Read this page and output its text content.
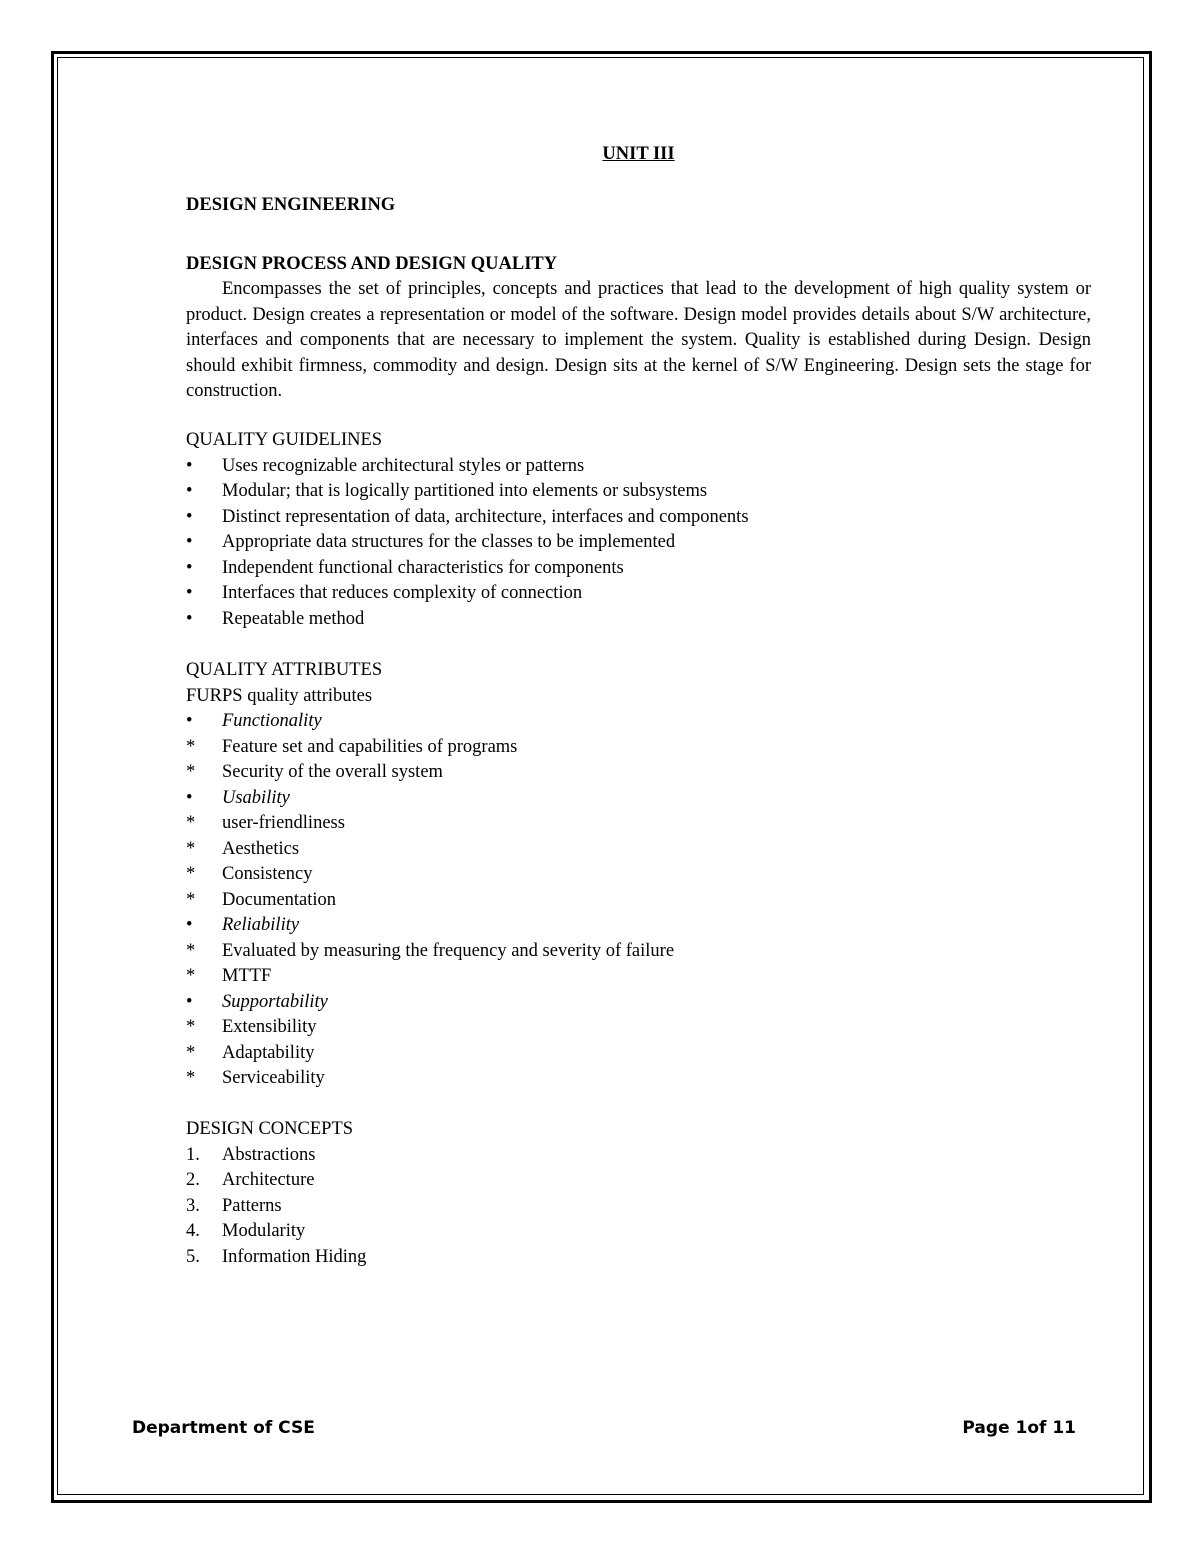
UNIT III
DESIGN ENGINEERING
DESIGN PROCESS AND DESIGN QUALITY

Encompasses the set of principles, concepts and practices that lead to the development of high quality system or product. Design creates a representation or model of the software. Design model provides details about S/W architecture, interfaces and components that are necessary to implement the system. Quality is established during Design. Design should exhibit firmness, commodity and design. Design sits at the kernel of S/W Engineering. Design sets the stage for construction.

QUALITY GUIDELINES
•	Uses recognizable architectural styles or patterns
•	Modular; that is logically partitioned into elements or subsystems
•	Distinct representation of data, architecture, interfaces and components
•	Appropriate data structures for the classes to be implemented
•	Independent functional characteristics for components
•	Interfaces that reduces complexity of connection
•	Repeatable method
QUALITY ATTRIBUTES
FURPS quality attributes
•	Functionality
*	Feature set and capabilities of programs
*	Security of the overall system
•	Usability
*	user-friendliness
*	Aesthetics
*	Consistency
*	Documentation
•	Reliability
*	Evaluated by measuring the frequency and severity of failure
*	MTTF
•	Supportability
*	Extensibility
*	Adaptability
*	Serviceability
DESIGN CONCEPTS
1.	Abstractions
2.	Architecture
3.	Patterns
4.	Modularity
5.	Information Hiding
Department of CSE	Page 1of 11
